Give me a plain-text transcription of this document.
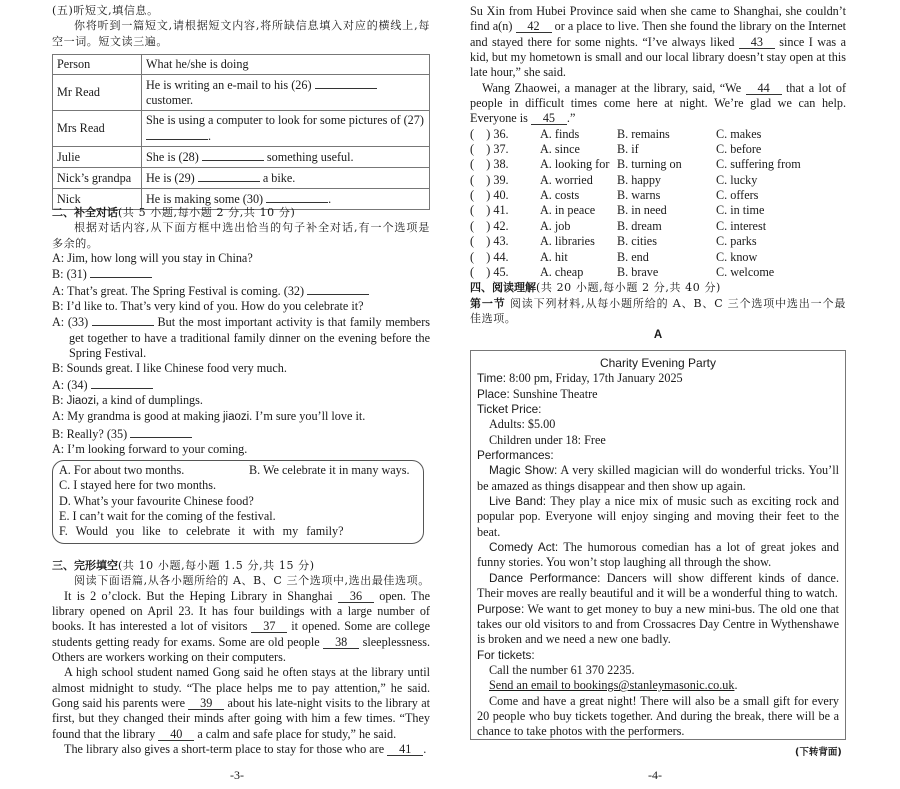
(五)听短文,填信息。

你将听到一篇短文,请根据短文内容,将所缺信息填入对应的横线上,每空一词。短文读三遍。

Person	What he/she is doing
Mr Read	He is writing an e-mail to his (26)  customer.
Mrs Read	She is using a computer to look for some pictures of (27) .
Julie	She is (28) something useful.
Nick’s grandpa	He is (29) a bike.
Nick	He is making some (30) .
二、补全对话(共 5 小题,每小题 2 分,共 10 分)

根据对话内容,从下面方框中选出恰当的句子补全对话,有一个选项是多余的。

A: Jim, how long will you stay in China?

B: (31)

A: That’s great. The Spring Festival is coming. (32)

B: I’d like to. That’s very kind of you. How do you celebrate it?

A: (33)	But the most important activity is that family members get together to have a traditional family dinner on the evening before the Spring Festival.

B: Sounds great. I like Chinese food very much.

A: (34)

B: Jiaozi, a kind of dumplings.

A: My grandma is good at making jiaozi. I’m sure you’ll love it.

B: Really? (35)

A: I’m looking forward to your coming.

A. For about two months.	B. We celebrate it in many ways.
C. I stayed here for two months.
D. What’s your favourite Chinese food?
E. I can’t wait for the coming of the festival.
F. Would you like to celebrate it with my family?
三、完形填空(共 10 小题,每小题 1.5 分,共 15 分)

阅读下面语篇,从各小题所给的 A、B、C 三个选项中,选出最佳选项。

It is 2 o’clock. But the Heping Library in Shanghai 36 open. The library opened on April 23. It has four buildings with a large number of books. It has interested a lot of visitors 37 it opened. Some are college students getting ready for exams. Some are old people 38 sleeplessness. Others are workers working on their computers.

A high school student named Gong said he often stays at the library until almost midnight to study. “The place helps me to pay attention,” he said. Gong said his parents were 39 about his late-night visits to the library at first, but they changed their minds after going with him a few times. “They found that the library 40 a calm and safe place for study,” he said.

The library also gives a short-term place to stay for those who are 41 .

-3-

Su Xin from Hubei Province said when she came to Shanghai, she couldn’t find a(n) 42 or a place to live. Then she found the library on the Internet and stayed there for some nights. “I’ve always liked 43 since I was a kid, but my hometown is small and our local library doesn’t stay open at this late hour,” she said.

Wang Zhaowei, a manager at the library, said, “We 44 that a lot of people in difficult times come here at night. We’re glad we can help. Everyone is 45 .”

(    ) 36.	A. finds	B. remains	C. makes
(    ) 37.	A. since	B. if	C. before
(    ) 38.	A. looking for B. turning on	C. suffering from
(    ) 39.	A. worried	B. happy	C. lucky
(    ) 40.	A. costs	B. warns	C. offers
(    ) 41.	A. in peace	B. in need	C. in time
(    ) 42.	A. job	B. dream	C. interest
(    ) 43.	A. libraries	B. cities	C. parks
(    ) 44.	A. hit	B. end	C. know
(    ) 45.	A. cheap	B. brave	C. welcome
四、阅读理解(共 20 小题,每小题 2 分,共 40 分)

第一节 阅读下列材料,从每小题所给的 A、B、C 三个选项中选出一个最佳选项。

A
Charity Evening Party
Time: 8:00 pm, Friday, 17th January 2025
Place: Sunshine Theatre
Ticket Price:
Adults: $5.00
Children under 18: Free
Performances:

Magic Show: A very skilled magician will do wonderful tricks. You’ll be amazed as things disappear and then show up again.

Live Band: They play a nice mix of music such as exciting rock and popular pop. Everyone will enjoy singing and moving their feet to the beat.

Comedy Act: The humorous comedian has a lot of great jokes and funny stories. You won’t stop laughing all through the show.

Dance Performance: Dancers will show different kinds of dance. Their moves are really beautiful and it will be a wonderful thing to watch.

Purpose: We want to get money to buy a new mini-bus. The old one that takes our old visitors to and from Crossacres Day Centre in Wythenshawe is broken and we need a new one badly.

For tickets:
Call the number 61 370 2235.
Send an email to bookings@stanleymasonic.co.uk.

Come and have a great night! There will also be a small gift for every 20 people who buy tickets together. And during the break, there will be a chance to take photos with the performers.

(下转背面)
-4-
